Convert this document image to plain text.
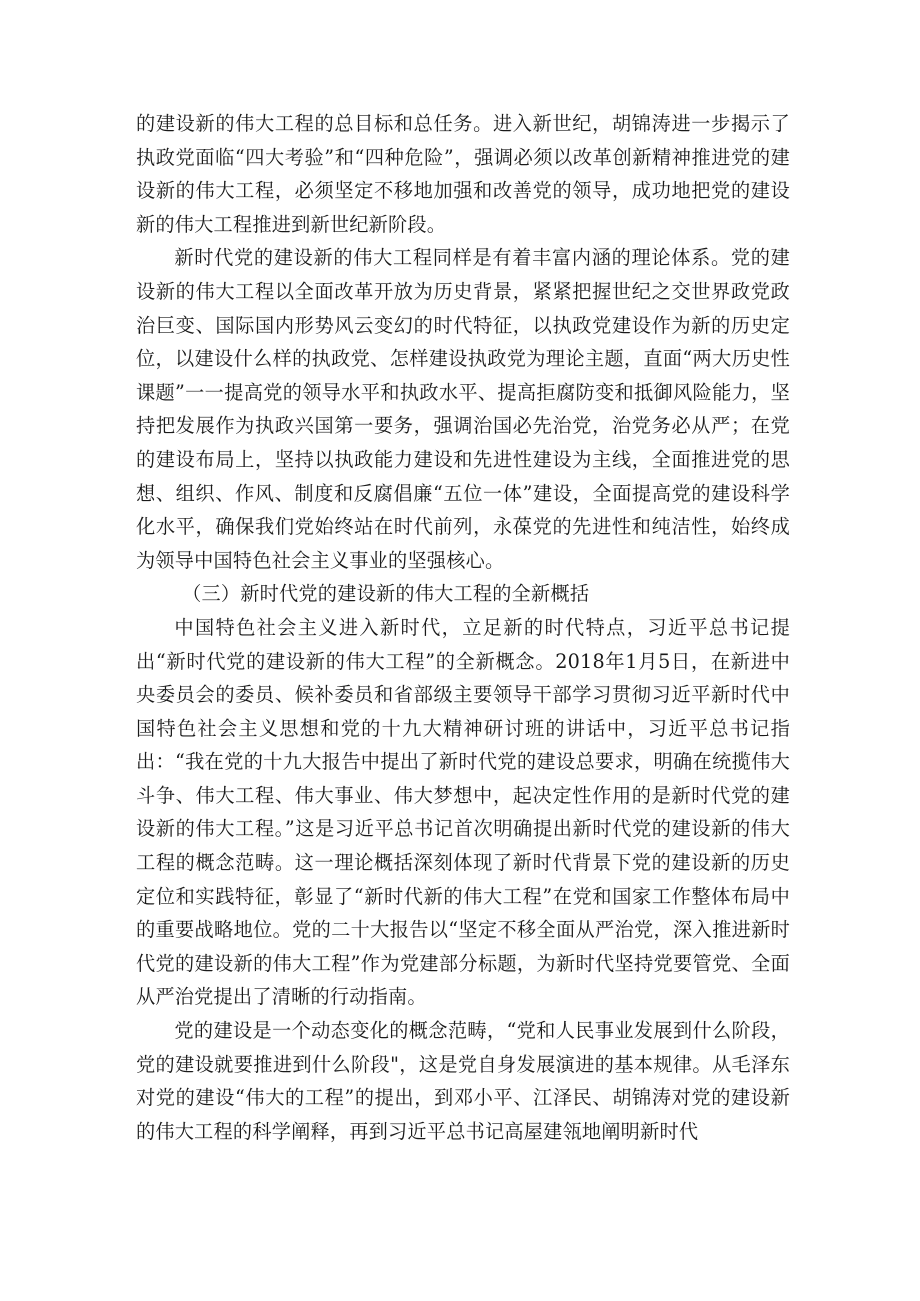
的建设新的伟大工程的总目标和总任务。进入新世纪，胡锦涛进一步揭示了执政党面临“四大考验”和“四种危险”，强调必须以改革创新精神推进党的建设新的伟大工程，必须坚定不移地加强和改善党的领导，成功地把党的建设新的伟大工程推进到新世纪新阶段。

新时代党的建设新的伟大工程同样是有着丰富内涵的理论体系。党的建设新的伟大工程以全面改革开放为历史背景，紧紧把握世纪之交世界政党政治巨变、国际国内形势风云变幻的时代特征，以执政党建设作为新的历史定位，以建设什么样的执政党、怎样建设执政党为理论主题，直面“两大历史性课题”一一提高党的领导水平和执政水平、提高拒腐防变和抵御风险能力，坚持把发展作为执政兴国第一要务，强调治国必先治党，治党务必从严；在党的建设布局上，坚持以执政能力建设和先进性建设为主线，全面推进党的思想、组织、作风、制度和反腐倡廉“五位一体”建设，全面提高党的建设科学化水平，确保我们党始终站在时代前列，永葆党的先进性和纯洁性，始终成为领导中国特色社会主义事业的坚强核心。

（三）新时代党的建设新的伟大工程的全新概括

中国特色社会主义进入新时代，立足新的时代特点，习近平总书记提出“新时代党的建设新的伟大工程”的全新概念。2018年1月5日，在新进中央委员会的委员、候补委员和省部级主要领导干部学习贯彻习近平新时代中国特色社会主义思想和党的十九大精神研讨班的讲话中，习近平总书记指出：“我在党的十九大报告中提出了新时代党的建设总要求，明确在统揽伟大斗争、伟大工程、伟大事业、伟大梦想中，起决定性作用的是新时代党的建设新的伟大工程。”这是习近平总书记首次明确提出新时代党的建设新的伟大工程的概念范畴。这一理论概括深刻体现了新时代背景下党的建设新的历史定位和实践特征，彰显了“新时代新的伟大工程”在党和国家工作整体布局中的重要战略地位。党的二十大报告以“坚定不移全面从严治党，深入推进新时代党的建设新的伟大工程”作为党建部分标题，为新时代坚持党要管党、全面从严治党提出了清晰的行动指南。

党的建设是一个动态变化的概念范畴，“党和人民事业发展到什么阶段，党的建设就要推进到什么阶段"，这是党自身发展演进的基本规律。从毛泽东对党的建设“伟大的工程”的提出，到邓小平、江泽民、胡锦涛对党的建设新的伟大工程的科学阐释，再到习近平总书记高屋建瓴地阐明新时代
